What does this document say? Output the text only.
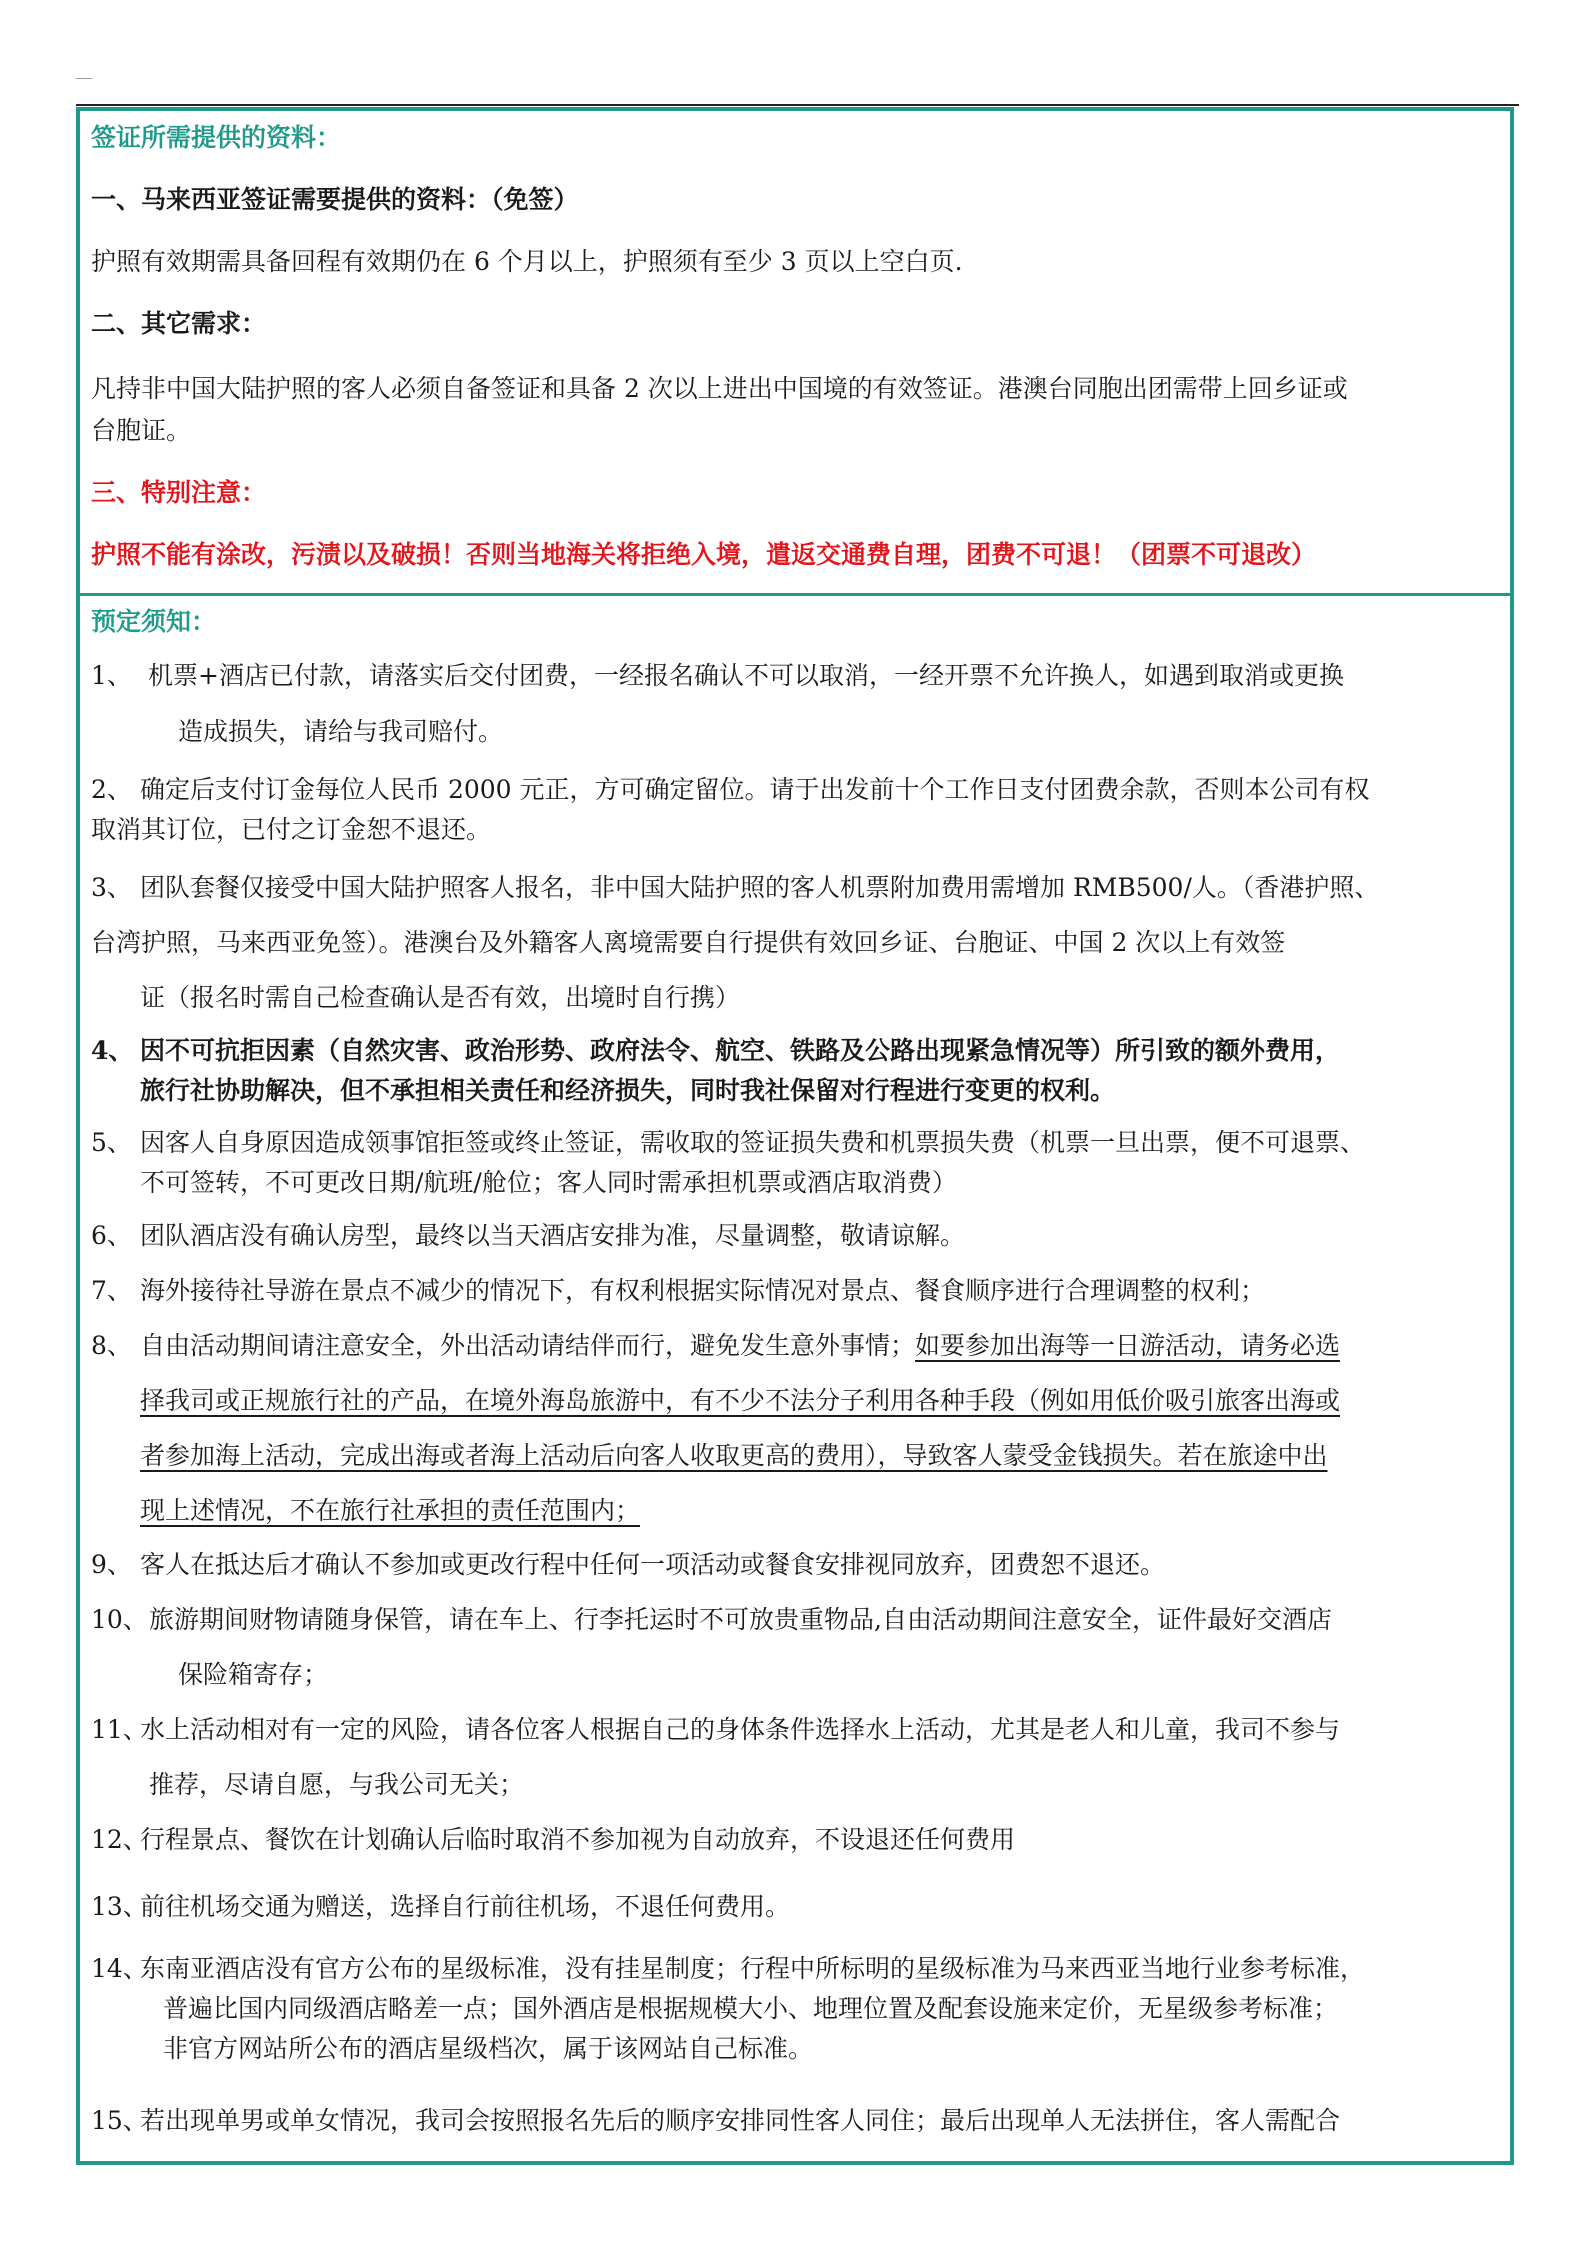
签证所需提供的资料：
一、马来西亚签证需要提供的资料：（免签）
护照有效期需具备回程有效期仍在 6 个月以上，护照须有至少 3 页以上空白页.
二、其它需求：
凡持非中国大陆护照的客人必须自备签证和具备 2 次以上进出中国境的有效签证。港澳台同胞出团需带上回乡证或
台胞证。
三、特别注意：
护照不能有涂改，污渍以及破损！否则当地海关将拒绝入境，遣返交通费自理，团费不可退！（团票不可退改）
预定须知：
1、 机票+酒店已付款，请落实后交付团费，一经报名确认不可以取消，一经开票不允许换人，如遇到取消或更换
造成损失，请给与我司赔付。
2、 确定后支付订金每位人民币 2000 元正，方可确定留位。请于出发前十个工作日支付团费余款，否则本公司有权
取消其订位，已付之订金恕不退还。
3、 团队套餐仅接受中国大陆护照客人报名，非中国大陆护照的客人机票附加费用需增加 RMB500/人。（香港护照、
台湾护照，马来西亚免签）。港澳台及外籍客人离境需要自行提供有效回乡证、台胞证、中国 2 次以上有效签
证（报名时需自己检查确认是否有效，出境时自行携）
4、 因不可抗拒因素（自然灾害、政治形势、政府法令、航空、铁路及公路出现紧急情况等）所引致的额外费用，
旅行社协助解决，但不承担相关责任和经济损失，同时我社保留对行程进行变更的权利。
5、 因客人自身原因造成领事馆拒签或终止签证，需收取的签证损失费和机票损失费（机票一旦出票，便不可退票、
不可签转，不可更改日期/航班/舱位；客人同时需承担机票或酒店取消费）
6、 团队酒店没有确认房型，最终以当天酒店安排为准，尽量调整，敬请谅解。
7、 海外接待社导游在景点不减少的情况下，有权利根据实际情况对景点、餐食顺序进行合理调整的权利；
8、 自由活动期间请注意安全，外出活动请结伴而行，避免发生意外事情；如要参加出海等一日游活动，请务必选
择我司或正规旅行社的产品，在境外海岛旅游中，有不少不法分子利用各种手段（例如用低价吸引旅客出海或
者参加海上活动，完成出海或者海上活动后向客人收取更高的费用），导致客人蒙受金钱损失。若在旅途中出
现上述情况，不在旅行社承担的责任范围内；
9、 客人在抵达后才确认不参加或更改行程中任何一项活动或餐食安排视同放弃，团费恕不退还。
10、 旅游期间财物请随身保管，请在车上、行李托运时不可放贵重物品,自由活动期间注意安全，证件最好交酒店
保险箱寄存；
11、
水上活动相对有一定的风险，请各位客人根据自己的身体条件选择水上活动，尤其是老人和儿童，我司不参与
推荐，尽请自愿，与我公司无关；
12、
行程景点、餐饮在计划确认后临时取消不参加视为自动放弃，不设退还任何费用
13、
前往机场交通为赠送，选择自行前往机场，不退任何费用。
14、
东南亚酒店没有官方公布的星级标准，没有挂星制度；行程中所标明的星级标准为马来西亚当地行业参考标准，
普遍比国内同级酒店略差一点；国外酒店是根据规模大小、地理位置及配套设施来定价，无星级参考标准；
非官方网站所公布的酒店星级档次，属于该网站自己标准。
15、
若出现单男或单女情况，我司会按照报名先后的顺序安排同性客人同住；最后出现单人无法拼住，客人需配合
